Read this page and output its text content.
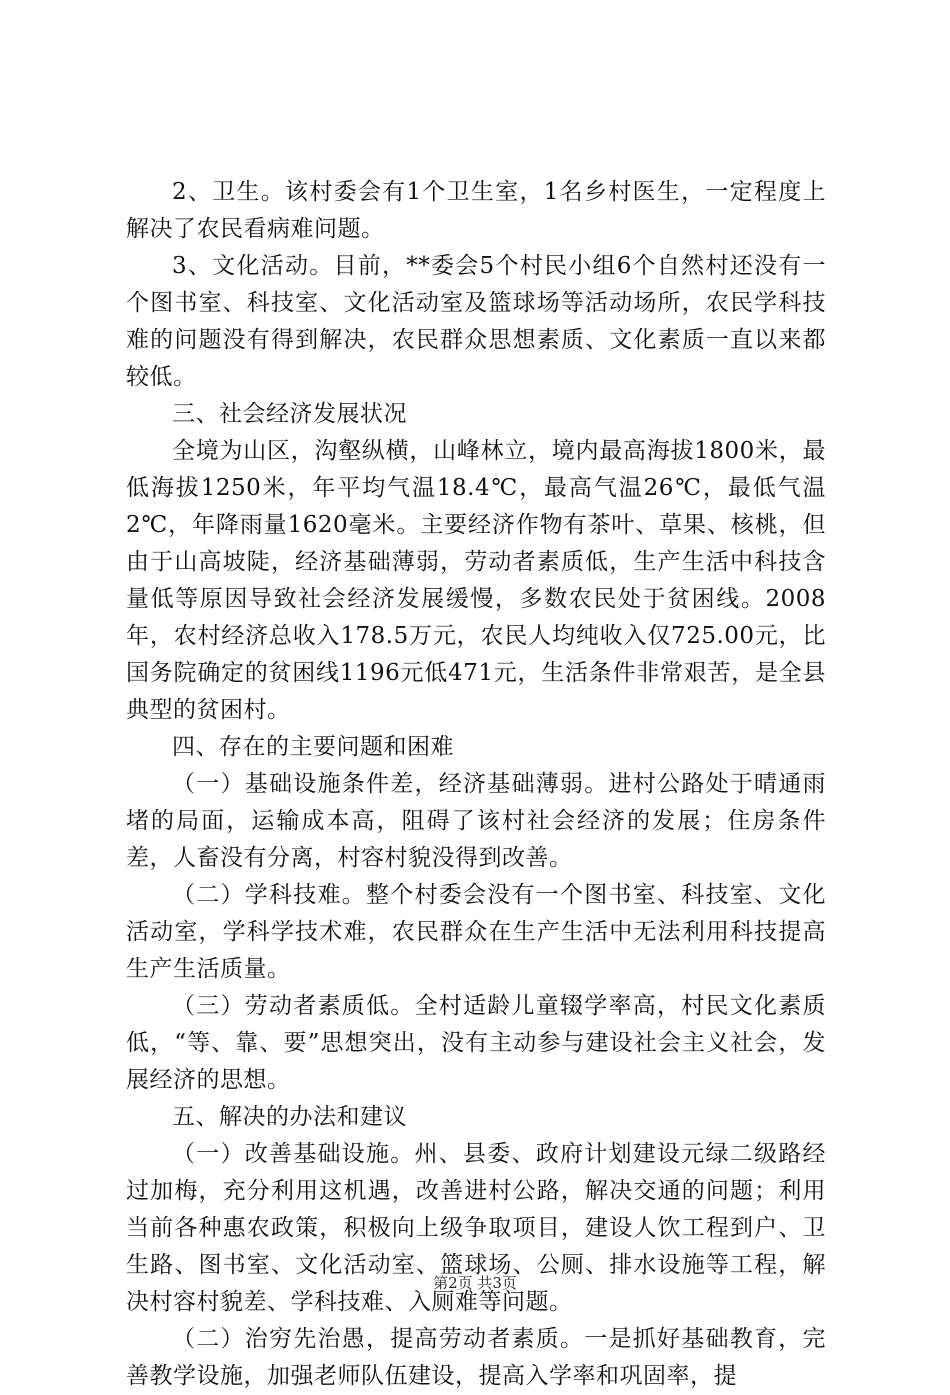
2、卫生。该村委会有1个卫生室，1名乡村医生，一定程度上解决了农民看病难问题。

3、文化活动。目前，**委会5个村民小组6个自然村还没有一个图书室、科技室、文化活动室及篮球场等活动场所，农民学科技难的问题没有得到解决，农民群众思想素质、文化素质一直以来都较低。

三、社会经济发展状况

全境为山区，沟壑纵横，山峰林立，境内最高海拔1800米，最低海拔1250米，年平均气温18.4℃，最高气温26℃，最低气温2℃，年降雨量1620毫米。主要经济作物有茶叶、草果、核桃，但由于山高坡陡，经济基础薄弱，劳动者素质低，生产生活中科技含量低等原因导致社会经济发展缓慢，多数农民处于贫困线。2008年，农村经济总收入178.5万元，农民人均纯收入仅725.00元，比国务院确定的贫困线1196元低471元，生活条件非常艰苦，是全县典型的贫困村。

四、存在的主要问题和困难

（一）基础设施条件差，经济基础薄弱。进村公路处于晴通雨堵的局面，运输成本高，阻碍了该村社会经济的发展；住房条件差，人畜没有分离，村容村貌没得到改善。

（二）学科技难。整个村委会没有一个图书室、科技室、文化活动室，学科学技术难，农民群众在生产生活中无法利用科技提高生产生活质量。

（三）劳动者素质低。全村适龄儿童辍学率高，村民文化素质低，“等、靠、要”思想突出，没有主动参与建设社会主义社会，发展经济的思想。

五、解决的办法和建议

（一）改善基础设施。州、县委、政府计划建设元绿二级路经过加梅，充分利用这机遇，改善进村公路，解决交通的问题；利用当前各种惠农政策，积极向上级争取项目，建设人饮工程到户、卫生路、图书室、文化活动室、篮球场、公厕、排水设施等工程，解决村容村貌差、学科技难、入厕难等问题。

（二）治穷先治愚，提高劳动者素质。一是抓好基础教育，完善教学设施，加强老师队伍建设，提高入学率和巩固率，提

第2页 共3页
